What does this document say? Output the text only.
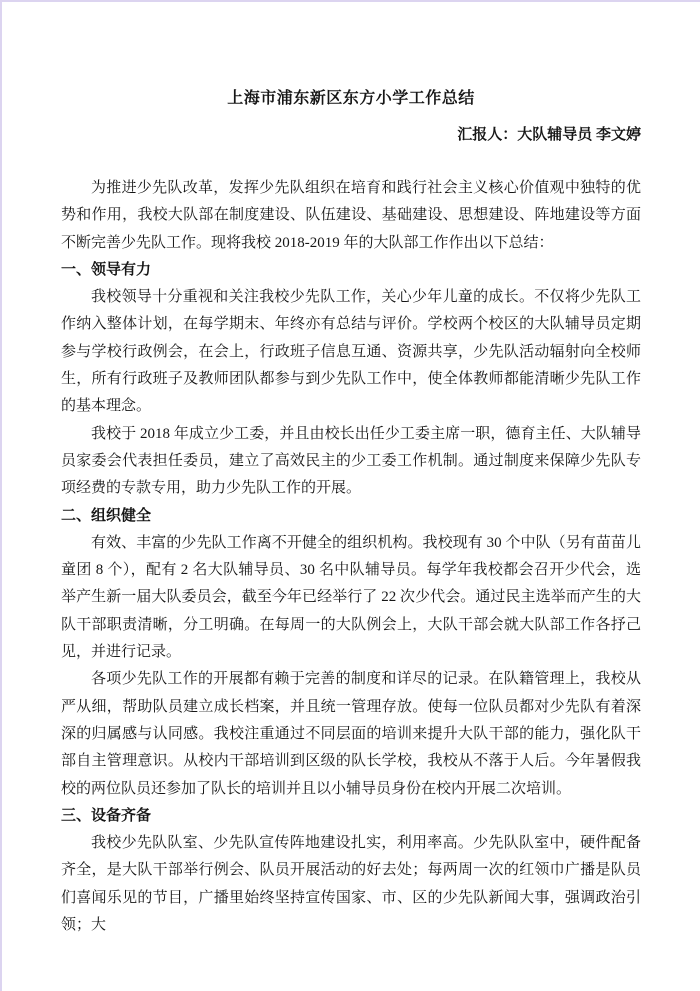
上海市浦东新区东方小学工作总结
汇报人：大队辅导员 李文婷

为推进少先队改革，发挥少先队组织在培育和践行社会主义核心价值观中独特的优势和作用，我校大队部在制度建设、队伍建设、基础建设、思想建设、阵地建设等方面不断完善少先队工作。现将我校 2018-2019 年的大队部工作作出以下总结：

一、领导有力

我校领导十分重视和关注我校少先队工作，关心少年儿童的成长。不仅将少先队工作纳入整体计划，在每学期末、年终亦有总结与评价。学校两个校区的大队辅导员定期参与学校行政例会，在会上，行政班子信息互通、资源共享，少先队活动辐射向全校师生，所有行政班子及教师团队都参与到少先队工作中，使全体教师都能清晰少先队工作的基本理念。

我校于 2018 年成立少工委，并且由校长出任少工委主席一职，德育主任、大队辅导员家委会代表担任委员，建立了高效民主的少工委工作机制。通过制度来保障少先队专项经费的专款专用，助力少先队工作的开展。

二、组织健全

有效、丰富的少先队工作离不开健全的组织机构。我校现有 30 个中队（另有苗苗儿童团 8 个），配有 2 名大队辅导员、30 名中队辅导员。每学年我校都会召开少代会，选举产生新一届大队委员会，截至今年已经举行了 22 次少代会。通过民主选举而产生的大队干部职责清晰，分工明确。在每周一的大队例会上，大队干部会就大队部工作各抒己见，并进行记录。

各项少先队工作的开展都有赖于完善的制度和详尽的记录。在队籍管理上，我校从严从细，帮助队员建立成长档案，并且统一管理存放。使每一位队员都对少先队有着深深的归属感与认同感。我校注重通过不同层面的培训来提升大队干部的能力，强化队干部自主管理意识。从校内干部培训到区级的队长学校，我校从不落于人后。今年暑假我校的两位队员还参加了队长的培训并且以小辅导员身份在校内开展二次培训。

三、设备齐备

我校少先队队室、少先队宣传阵地建设扎实，利用率高。少先队队室中，硬件配备齐全，是大队干部举行例会、队员开展活动的好去处；每两周一次的红领巾广播是队员们喜闻乐见的节目，广播里始终坚持宣传国家、市、区的少先队新闻大事，强调政治引领；大
